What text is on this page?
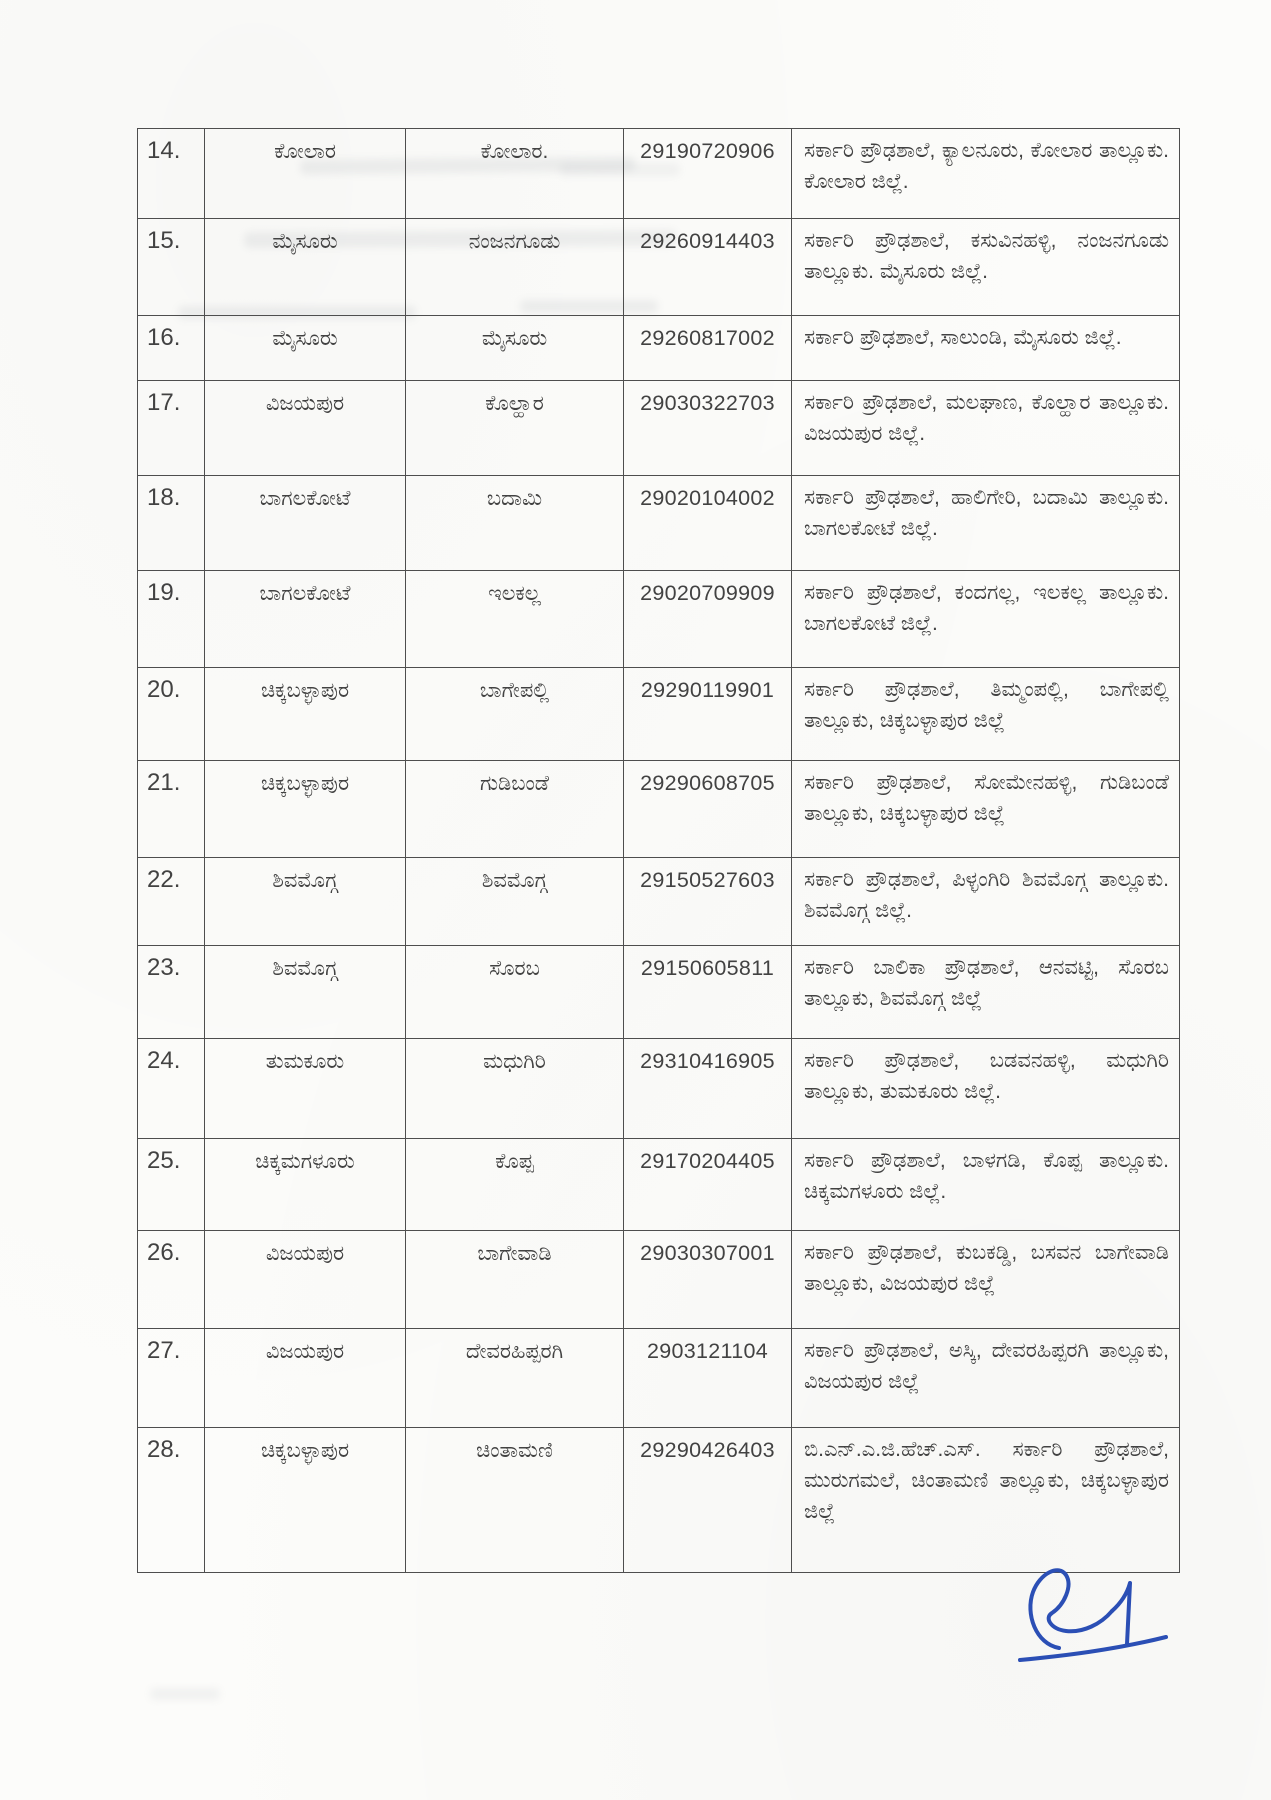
14.	ಕೋಲಾರ	ಕೋಲಾರ.	29190720906	ಸರ್ಕಾರಿ ಪ್ರೌಢಶಾಲೆ, ಕ್ಯಾಲನೂರು, ಕೋಲಾರ ತಾಲ್ಲೂಕು. ಕೋಲಾರ ಜಿಲ್ಲೆ.
15.	ಮೈಸೂರು	ನಂಜನಗೂಡು	29260914403	ಸರ್ಕಾರಿ ಪ್ರೌಢಶಾಲೆ, ಕಸುವಿನಹಳ್ಳಿ, ನಂಜನಗೂಡು ತಾಲ್ಲೂಕು. ಮೈಸೂರು ಜಿಲ್ಲೆ.
16.	ಮೈಸೂರು	ಮೈಸೂರು	29260817002	ಸರ್ಕಾರಿ ಪ್ರೌಢಶಾಲೆ, ಸಾಲುಂಡಿ, ಮೈಸೂರು ಜಿಲ್ಲೆ.
17.	ವಿಜಯಪುರ	ಕೊಲ್ಹಾರ	29030322703	ಸರ್ಕಾರಿ ಪ್ರೌಢಶಾಲೆ, ಮಲಘಾಣ, ಕೊಲ್ಹಾರ ತಾಲ್ಲೂಕು. ವಿಜಯಪುರ ಜಿಲ್ಲೆ.
18.	ಬಾಗಲಕೋಟೆ	ಬದಾಮಿ	29020104002	ಸರ್ಕಾರಿ ಪ್ರೌಢಶಾಲೆ, ಹಾಲಿಗೇರಿ, ಬದಾಮಿ ತಾಲ್ಲೂಕು. ಬಾಗಲಕೋಟೆ ಜಿಲ್ಲೆ.
19.	ಬಾಗಲಕೋಟೆ	ಇಲಕಲ್ಲ	29020709909	ಸರ್ಕಾರಿ ಪ್ರೌಢಶಾಲೆ, ಕಂದಗಲ್ಲ, ಇಲಕಲ್ಲ ತಾಲ್ಲೂಕು. ಬಾಗಲಕೋಟೆ ಜಿಲ್ಲೆ.
20.	ಚಿಕ್ಕಬಳ್ಳಾಪುರ	ಬಾಗೇಪಲ್ಲಿ	29290119901	ಸರ್ಕಾರಿ ಪ್ರೌಢಶಾಲೆ, ತಿಮ್ಮಂಪಲ್ಲಿ, ಬಾಗೇಪಲ್ಲಿ ತಾಲ್ಲೂಕು, ಚಿಕ್ಕಬಳ್ಳಾಪುರ ಜಿಲ್ಲೆ
21.	ಚಿಕ್ಕಬಳ್ಳಾಪುರ	ಗುಡಿಬಂಡೆ	29290608705	ಸರ್ಕಾರಿ ಪ್ರೌಢಶಾಲೆ, ಸೋಮೇನಹಳ್ಳಿ, ಗುಡಿಬಂಡೆ ತಾಲ್ಲೂಕು, ಚಿಕ್ಕಬಳ್ಳಾಪುರ ಜಿಲ್ಲೆ
22.	ಶಿವಮೊಗ್ಗ	ಶಿವಮೊಗ್ಗ	29150527603	ಸರ್ಕಾರಿ ಪ್ರೌಢಶಾಲೆ, ಪಿಳ್ಳಂಗಿರಿ ಶಿವಮೊಗ್ಗ ತಾಲ್ಲೂಕು. ಶಿವಮೊಗ್ಗ ಜಿಲ್ಲೆ.
23.	ಶಿವಮೊಗ್ಗ	ಸೊರಬ	29150605811	ಸರ್ಕಾರಿ ಬಾಲಿಕಾ ಪ್ರೌಢಶಾಲೆ, ಆನವಟ್ಟಿ, ಸೊರಬ ತಾಲ್ಲೂಕು, ಶಿವಮೊಗ್ಗ ಜಿಲ್ಲೆ
24.	ತುಮಕೂರು	ಮಧುಗಿರಿ	29310416905	ಸರ್ಕಾರಿ ಪ್ರೌಢಶಾಲೆ, ಬಡವನಹಳ್ಳಿ, ಮಧುಗಿರಿ ತಾಲ್ಲೂಕು, ತುಮಕೂರು ಜಿಲ್ಲೆ.
25.	ಚಿಕ್ಕಮಗಳೂರು	ಕೊಪ್ಪ	29170204405	ಸರ್ಕಾರಿ ಪ್ರೌಢಶಾಲೆ, ಬಾಳಗಡಿ, ಕೊಪ್ಪ ತಾಲ್ಲೂಕು. ಚಿಕ್ಕಮಗಳೂರು ಜಿಲ್ಲೆ.
26.	ವಿಜಯಪುರ	ಬಾಗೇವಾಡಿ	29030307001	ಸರ್ಕಾರಿ ಪ್ರೌಢಶಾಲೆ, ಕುಬಕಡ್ಡಿ, ಬಸವನ ಬಾಗೇವಾಡಿ ತಾಲ್ಲೂಕು, ವಿಜಯಪುರ ಜಿಲ್ಲೆ
27.	ವಿಜಯಪುರ	ದೇವರಹಿಪ್ಪರಗಿ	2903121104	ಸರ್ಕಾರಿ ಪ್ರೌಢಶಾಲೆ, ಅಸ್ಕಿ, ದೇವರಹಿಪ್ಪರಗಿ ತಾಲ್ಲೂಕು, ವಿಜಯಪುರ ಜಿಲ್ಲೆ
28.	ಚಿಕ್ಕಬಳ್ಳಾಪುರ	ಚಿಂತಾಮಣಿ	29290426403	ಬಿ.ಎನ್.ಎ.ಜಿ.ಹೆಚ್.ಎಸ್. ಸರ್ಕಾರಿ ಪ್ರೌಢಶಾಲೆ, ಮುರುಗಮಲೆ, ಚಿಂತಾಮಣಿ ತಾಲ್ಲೂಕು, ಚಿಕ್ಕಬಳ್ಳಾಪುರ ಜಿಲ್ಲೆ
